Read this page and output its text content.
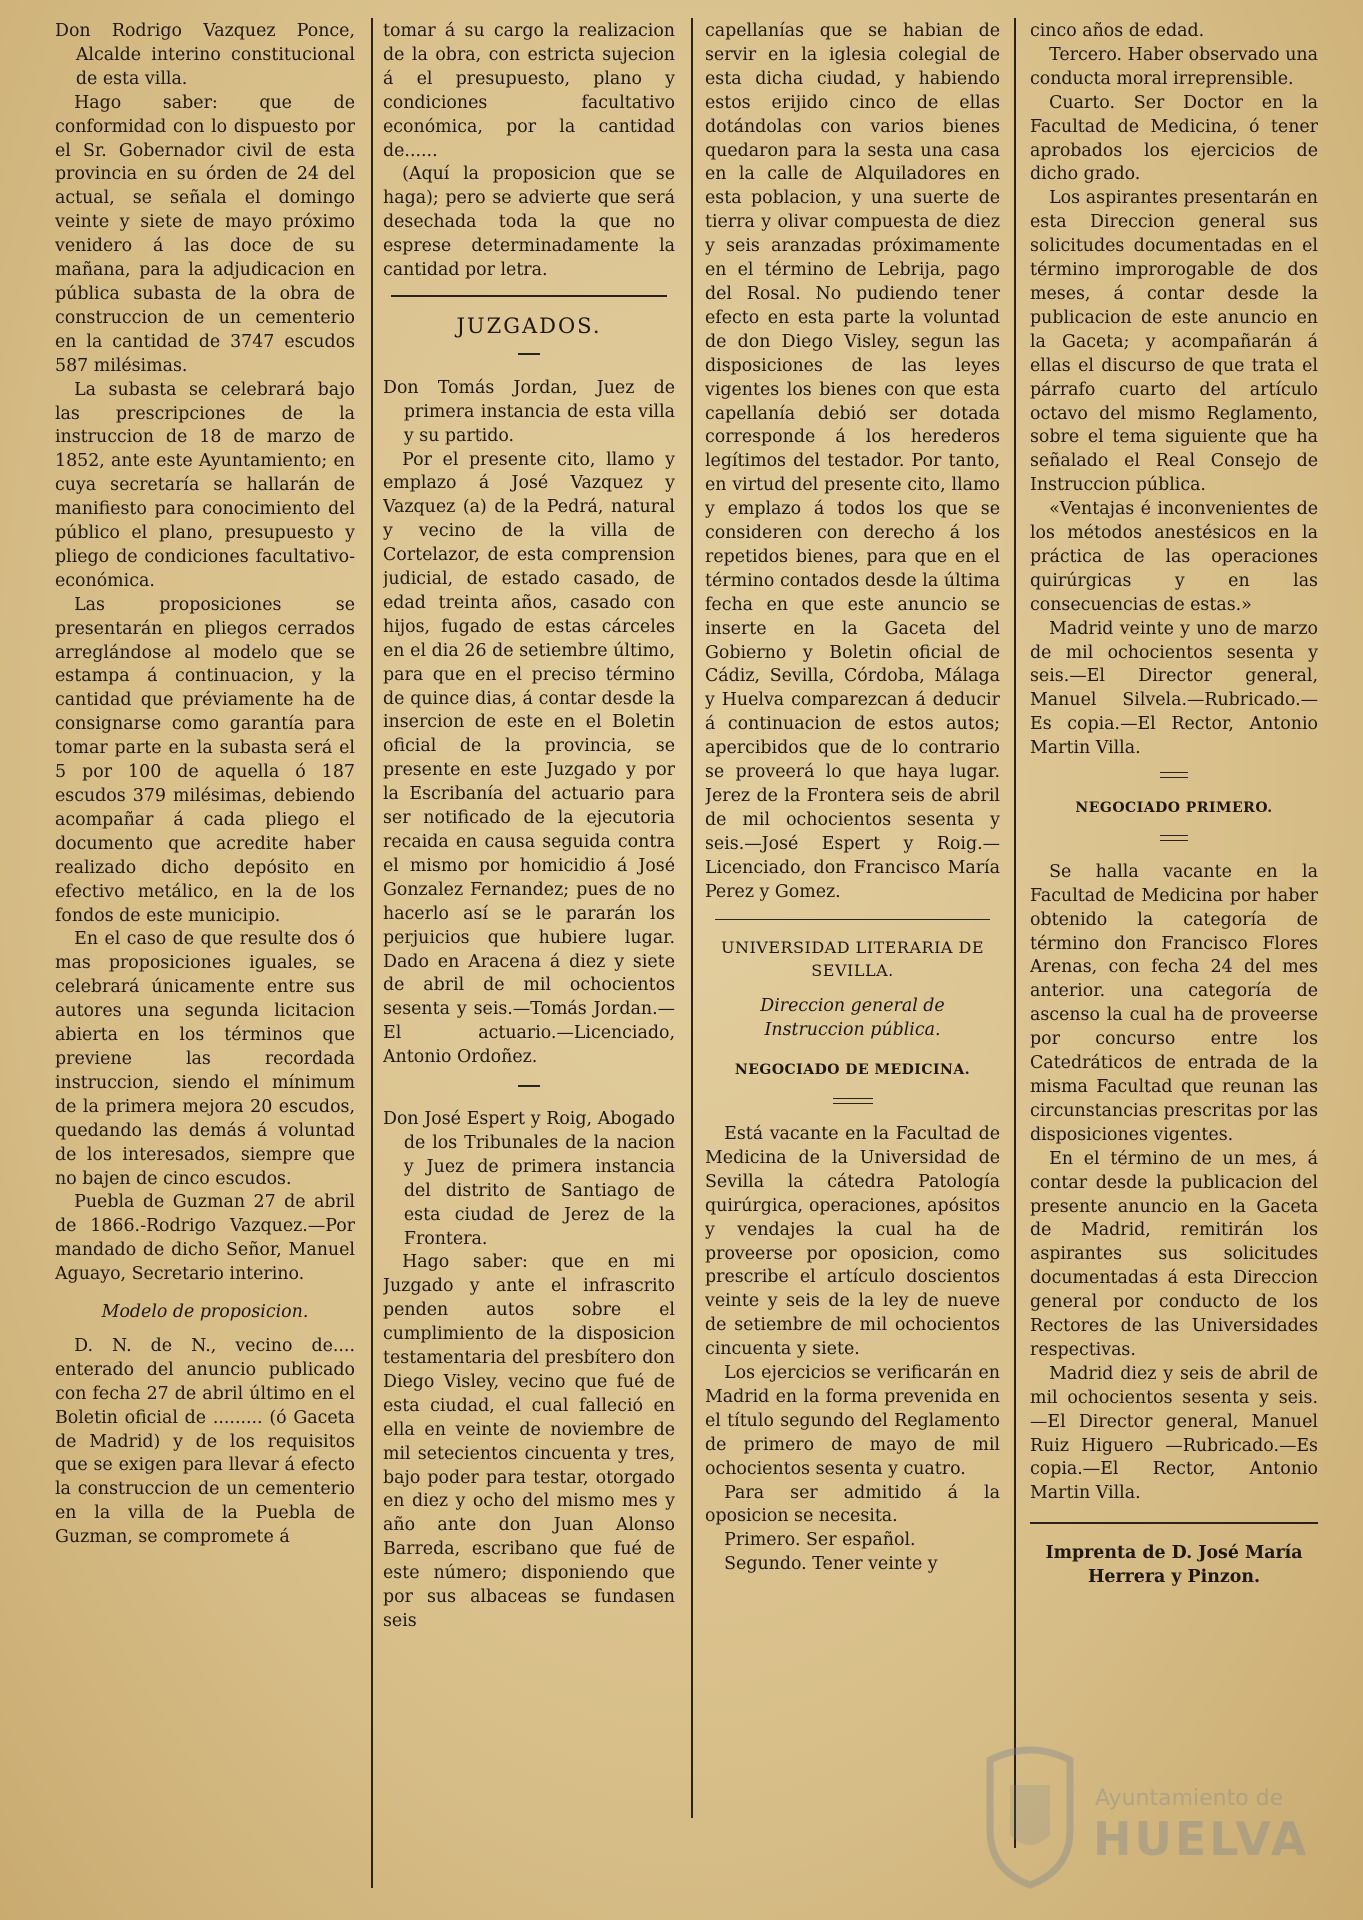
Don Rodrigo Vazquez Ponce, Alcalde interino constitucional de esta villa.

Hago saber: que de conformidad con lo dispuesto por el Sr. Gobernador civil de esta provincia en su órden de 24 del actual, se señala el domingo veinte y siete de mayo próximo venidero á las doce de su mañana, para la adjudicacion en pública subasta de la obra de construccion de un cementerio en la cantidad de 3747 escudos 587 milésimas.

La subasta se celebrará bajo las prescripciones de la instruccion de 18 de marzo de 1852, ante este Ayuntamiento; en cuya secretaría se hallarán de manifiesto para conocimiento del público el plano, presupuesto y pliego de condiciones facultativo-económica.

Las proposiciones se presentarán en pliegos cerrados arreglándose al modelo que se estampa á continuacion, y la cantidad que préviamente ha de consignarse como garantía para tomar parte en la subasta será el 5 por 100 de aquella ó 187 escudos 379 milésimas, debiendo acompañar á cada pliego el documento que acredite haber realizado dicho depósito en efectivo metálico, en la de los fondos de este municipio.

En el caso de que resulte dos ó mas proposiciones iguales, se celebrará únicamente entre sus autores una segunda licitacion abierta en los términos que previene las recordada instruccion, siendo el mínimum de la primera mejora 20 escudos, quedando las demás á voluntad de los interesados, siempre que no bajen de cinco escudos.

Puebla de Guzman 27 de abril de 1866.-Rodrigo Vazquez.—Por mandado de dicho Señor, Manuel Aguayo, Secretario interino.

Modelo de proposicion.

D. N. de N., vecino de.... enterado del anuncio publicado con fecha 27 de abril último en el Boletin oficial de ......... (ó Gaceta de Madrid) y de los requisitos que se exigen para llevar á efecto la construccion de un cementerio en la villa de la Puebla de Guzman, se compromete á

tomar á su cargo la realizacion de la obra, con estricta sujecion á el presupuesto, plano y condiciones facultativo económica, por la cantidad de......

(Aquí la proposicion que se haga); pero se advierte que será desechada toda la que no esprese determinadamente la cantidad por letra.

JUZGADOS.

Don Tomás Jordan, Juez de primera instancia de esta villa y su partido.

Por el presente cito, llamo y emplazo á José Vazquez y Vazquez (a) de la Pedrá, natural y vecino de la villa de Cortelazor, de esta comprension judicial, de estado casado, de edad treinta años, casado con hijos, fugado de estas cárceles en el dia 26 de setiembre último, para que en el preciso término de quince dias, á contar desde la insercion de este en el Boletin oficial de la provincia, se presente en este Juzgado y por la Escribanía del actuario para ser notificado de la ejecutoria recaida en causa seguida contra el mismo por homicidio á José Gonzalez Fernandez; pues de no hacerlo así se le pararán los perjuicios que hubiere lugar. Dado en Aracena á diez y siete de abril de mil ochocientos sesenta y seis.—Tomás Jordan.—El actuario.—Licenciado, Antonio Ordoñez.

Don José Espert y Roig, Abogado de los Tribunales de la nacion y Juez de primera instancia del distrito de Santiago de esta ciudad de Jerez de la Frontera.

Hago saber: que en mi Juzgado y ante el infrascrito penden autos sobre el cumplimiento de la disposicion testamentaria del presbítero don Diego Visley, vecino que fué de esta ciudad, el cual falleció en ella en veinte de noviembre de mil setecientos cincuenta y tres, bajo poder para testar, otorgado en diez y ocho del mismo mes y año ante don Juan Alonso Barreda, escribano que fué de este número; disponiendo que por sus albaceas se fundasen seis

capellanías que se habian de servir en la iglesia colegial de esta dicha ciudad, y habiendo estos erijido cinco de ellas dotándolas con varios bienes quedaron para la sesta una casa en la calle de Alquiladores en esta poblacion, y una suerte de tierra y olivar compuesta de diez y seis aranzadas próximamente en el término de Lebrija, pago del Rosal. No pudiendo tener efecto en esta parte la voluntad de don Diego Visley, segun las disposiciones de las leyes vigentes los bienes con que esta capellanía debió ser dotada corresponde á los herederos legítimos del testador. Por tanto, en virtud del presente cito, llamo y emplazo á todos los que se consideren con derecho á los repetidos bienes, para que en el término contados desde la última fecha en que este anuncio se inserte en la Gaceta del Gobierno y Boletin oficial de Cádiz, Sevilla, Córdoba, Málaga y Huelva comparezcan á deducir á continuacion de estos autos; apercibidos que de lo contrario se proveerá lo que haya lugar. Jerez de la Frontera seis de abril de mil ochocientos sesenta y seis.—José Espert y Roig.—Licenciado, don Francisco María Perez y Gomez.

UNIVERSIDAD LITERARIA DE SEVILLA.

Direccion general de Instruccion pública.

NEGOCIADO DE MEDICINA.

Está vacante en la Facultad de Medicina de la Universidad de Sevilla la cátedra Patología quirúrgica, operaciones, apósitos y vendajes la cual ha de proveerse por oposicion, como prescribe el artículo doscientos veinte y seis de la ley de nueve de setiembre de mil ochocientos cincuenta y siete.

Los ejercicios se verificarán en Madrid en la forma prevenida en el título segundo del Reglamento de primero de mayo de mil ochocientos sesenta y cuatro.

Para ser admitido á la oposicion se necesita.

Primero. Ser español.

Segundo. Tener veinte y

cinco años de edad.

Tercero. Haber observado una conducta moral irreprensible.

Cuarto. Ser Doctor en la Facultad de Medicina, ó tener aprobados los ejercicios de dicho grado.

Los aspirantes presentarán en esta Direccion general sus solicitudes documentadas en el término improrogable de dos meses, á contar desde la publicacion de este anuncio en la Gaceta; y acompañarán á ellas el discurso de que trata el párrafo cuarto del artículo octavo del mismo Reglamento, sobre el tema siguiente que ha señalado el Real Consejo de Instruccion pública.

«Ventajas é inconvenientes de los métodos anestésicos en la práctica de las operaciones quirúrgicas y en las consecuencias de estas.»

Madrid veinte y uno de marzo de mil ochocientos sesenta y seis.—El Director general, Manuel Silvela.—Rubricado.—Es copia.—El Rector, Antonio Martin Villa.

NEGOCIADO PRIMERO.

Se halla vacante en la Facultad de Medicina por haber obtenido la categoría de término don Francisco Flores Arenas, con fecha 24 del mes anterior. una categoría de ascenso la cual ha de proveerse por concurso entre los Catedráticos de entrada de la misma Facultad que reunan las circunstancias prescritas por las disposiciones vigentes.

En el término de un mes, á contar desde la publicacion del presente anuncio en la Gaceta de Madrid, remitirán los aspirantes sus solicitudes documentadas á esta Direccion general por conducto de los Rectores de las Universidades respectivas.

Madrid diez y seis de abril de mil ochocientos sesenta y seis.—El Director general, Manuel Ruiz Higuero —Rubricado.—Es copia.—El Rector, Antonio Martin Villa.

Imprenta de D. José María Herrera y Pinzon.

Ayuntamiento de
HUELVA
